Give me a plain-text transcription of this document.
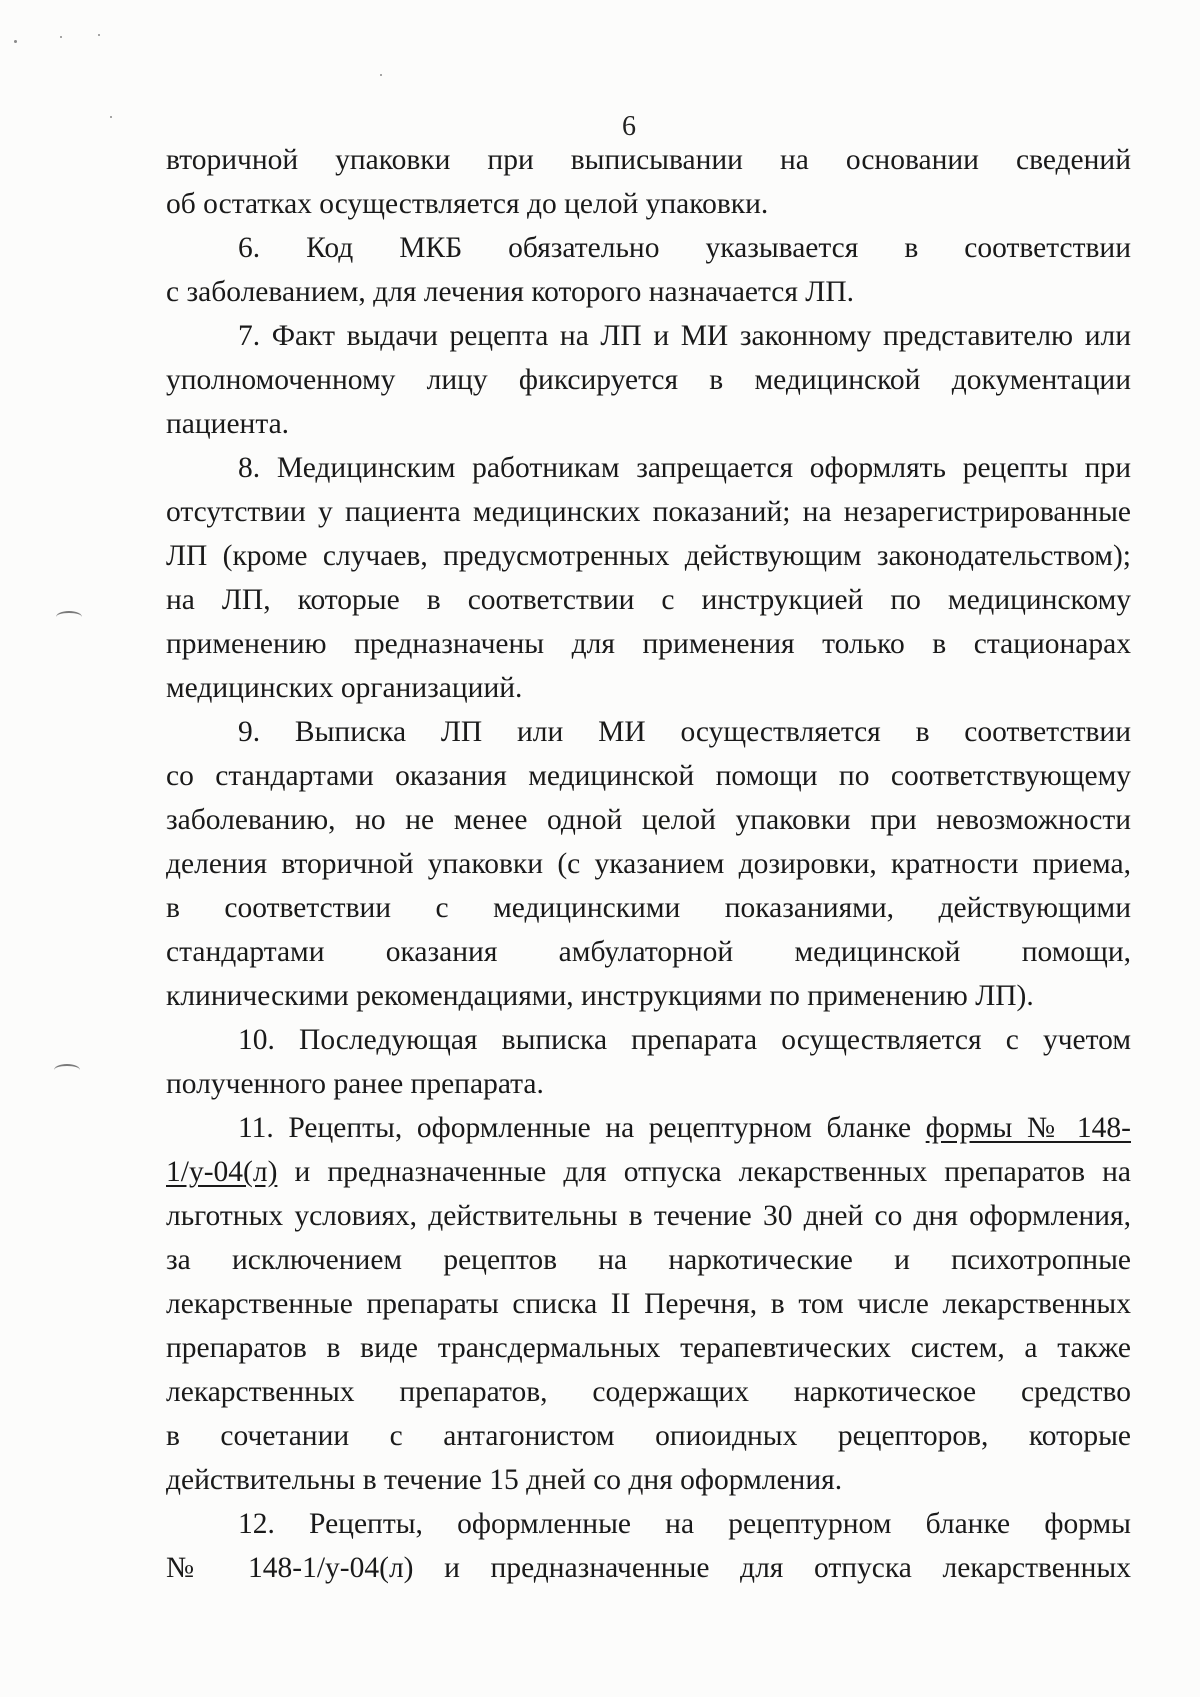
6
вторичной упаковки при выписывании на основании сведений
об остатках осуществляется до целой упаковки.
6. Код МКБ обязательно указывается в соответствии
с заболеванием, для лечения которого назначается ЛП.
7. Факт выдачи рецепта на ЛП и МИ законному представителю или
уполномоченному лицу фиксируется в медицинской документации
пациента.
8. Медицинским работникам запрещается оформлять рецепты при
отсутствии у пациента медицинских показаний; на незарегистрированные
ЛП (кроме случаев, предусмотренных действующим законодательством);
на ЛП, которые в соответствии с инструкцией по медицинскому
применению предназначены для применения только в стационарах
медицинских организациий.
9. Выписка ЛП или МИ осуществляется в соответствии
со стандартами оказания медицинской помощи по соответствующему
заболеванию, но не менее одной целой упаковки при невозможности
деления вторичной упаковки (с указанием дозировки, кратности приема,
в соответствии с медицинскими показаниями, действующими
стандартами оказания амбулаторной медицинской помощи,
клиническими рекомендациями, инструкциями по применению ЛП).
10. Последующая выписка препарата осуществляется с учетом
полученного ранее препарата.
11. Рецепты, оформленные на рецептурном бланке формы № 148-
1/у-04(л) и предназначенные для отпуска лекарственных препаратов на
льготных условиях, действительны в течение 30 дней со дня оформления,
за исключением рецептов на наркотические и психотропные
лекарственные препараты списка II Перечня, в том числе лекарственных
препаратов в виде трансдермальных терапевтических систем, а также
лекарственных препаратов, содержащих наркотическое средство
в сочетании с антагонистом опиоидных рецепторов, которые
действительны в течение 15 дней со дня оформления.
12. Рецепты, оформленные на рецептурном бланке формы
№ 148-1/у-04(л) и предназначенные для отпуска лекарственных
